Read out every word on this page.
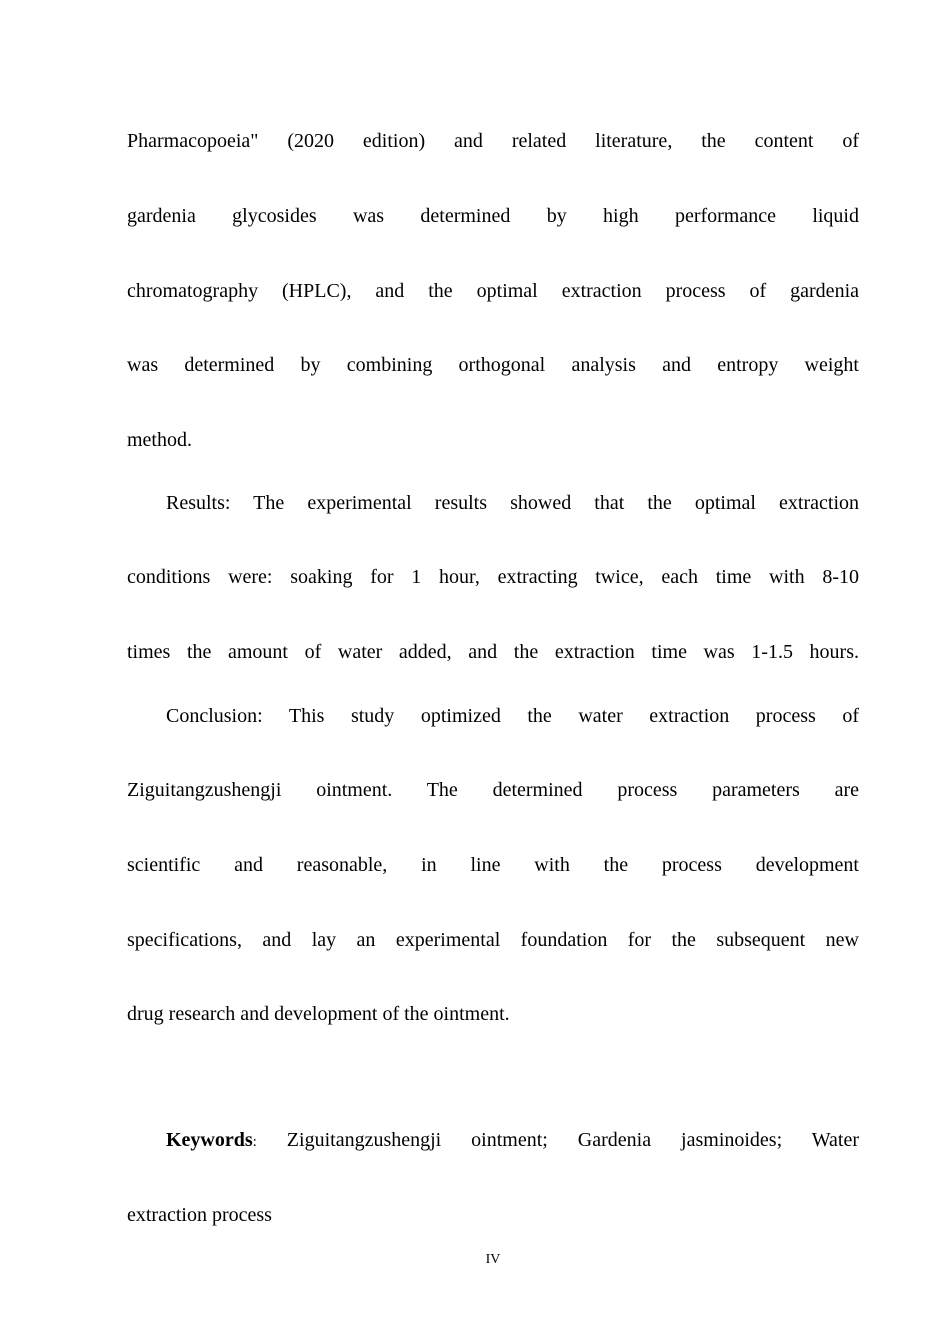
Pharmacopoeia" (2020 edition) and related literature, the content of
gardenia glycosides was determined by high performance liquid
chromatography (HPLC), and the optimal extraction process of gardenia
was determined by combining orthogonal analysis and entropy weight
method.
Results: The experimental results showed that the optimal extraction
conditions were: soaking for 1 hour, extracting twice, each time with 8-10
times the amount of water added, and the extraction time was 1-1.5 hours.
Conclusion: This study optimized the water extraction process of
Ziguitangzushengji ointment. The determined process parameters are
scientific and reasonable, in line with the process development
specifications, and lay an experimental foundation for the subsequent new
drug research and development of the ointment.
Keywords: Ziguitangzushengji ointment; Gardenia jasminoides; Water
extraction process
IV
